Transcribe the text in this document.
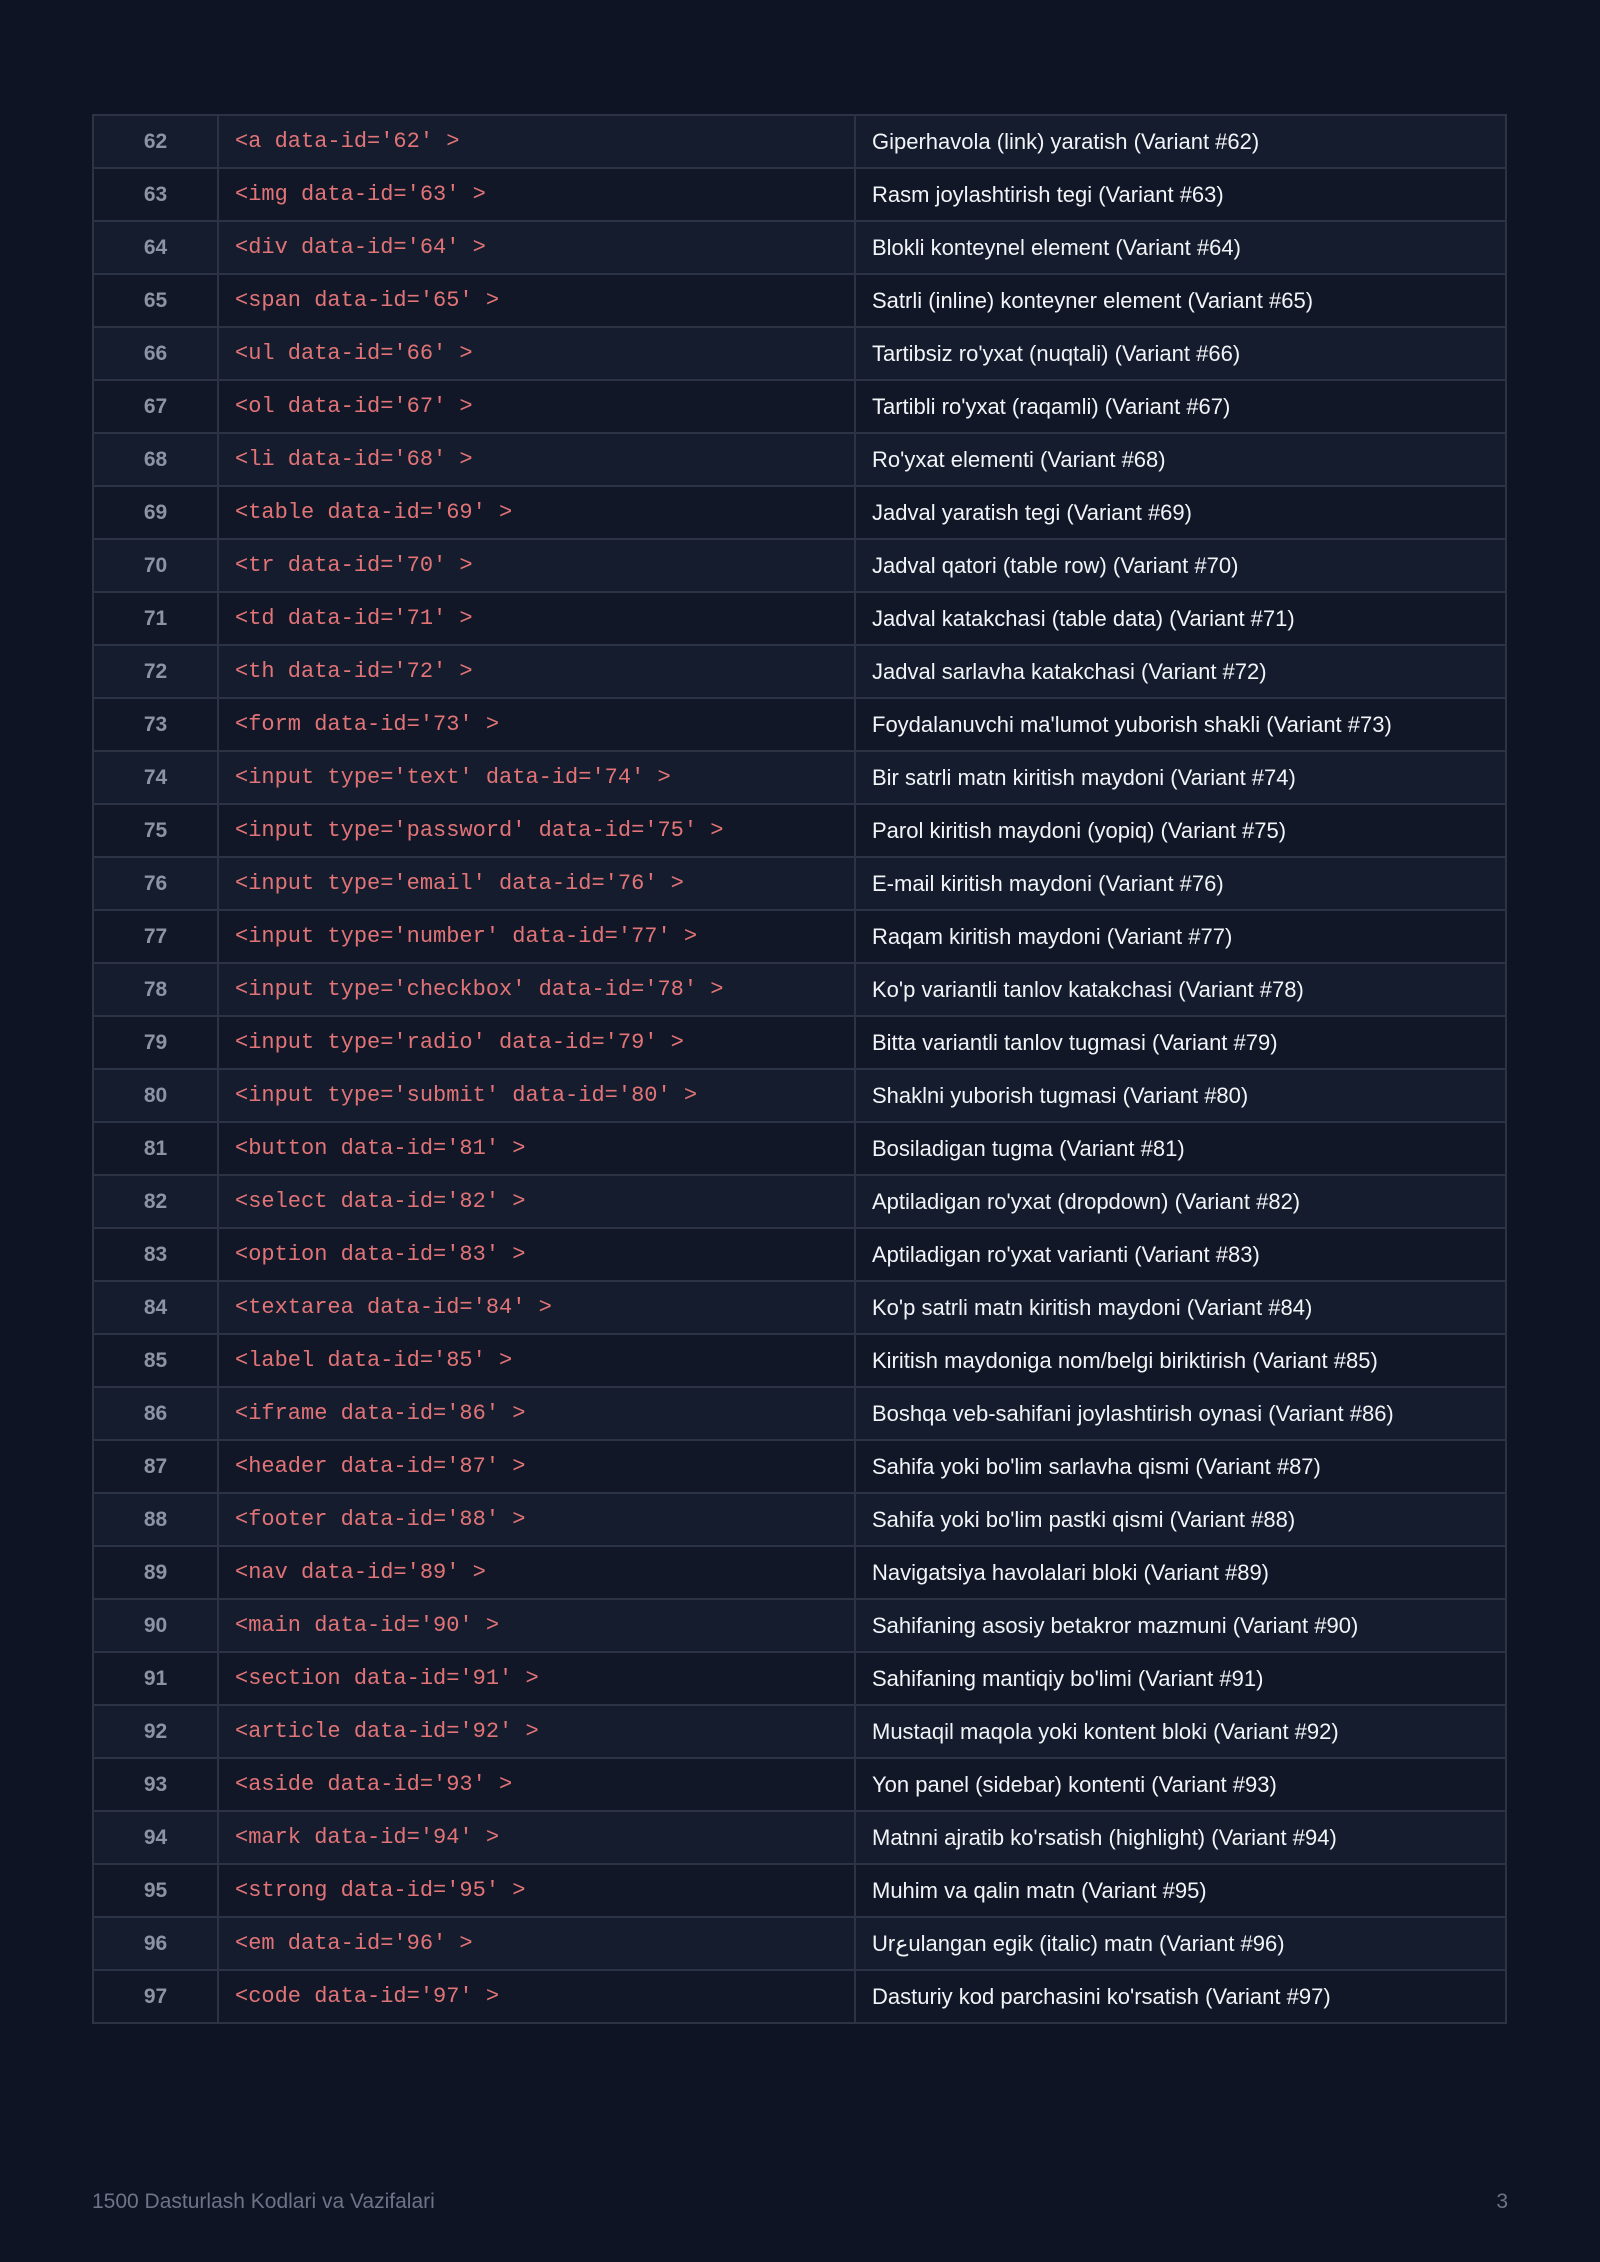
62	<a data-id='62' >	Giperhavola (link) yaratish (Variant #62)
63	<img data-id='63' >	Rasm joylashtirish tegi (Variant #63)
64	<div data-id='64' >	Blokli konteynel element (Variant #64)
65	<span data-id='65' >	Satrli (inline) konteyner element (Variant #65)
66	<ul data-id='66' >	Tartibsiz ro'yxat (nuqtali) (Variant #66)
67	<ol data-id='67' >	Tartibli ro'yxat (raqamli) (Variant #67)
68	<li data-id='68' >	Ro'yxat elementi (Variant #68)
69	<table data-id='69' >	Jadval yaratish tegi (Variant #69)
70	<tr data-id='70' >	Jadval qatori (table row) (Variant #70)
71	<td data-id='71' >	Jadval katakchasi (table data) (Variant #71)
72	<th data-id='72' >	Jadval sarlavha katakchasi (Variant #72)
73	<form data-id='73' >	Foydalanuvchi ma'lumot yuborish shakli (Variant #73)
74	<input type='text' data-id='74' >	Bir satrli matn kiritish maydoni (Variant #74)
75	<input type='password' data-id='75' >	Parol kiritish maydoni (yopiq) (Variant #75)
76	<input type='email' data-id='76' >	E-mail kiritish maydoni (Variant #76)
77	<input type='number' data-id='77' >	Raqam kiritish maydoni (Variant #77)
78	<input type='checkbox' data-id='78' >	Ko'p variantli tanlov katakchasi (Variant #78)
79	<input type='radio' data-id='79' >	Bitta variantli tanlov tugmasi (Variant #79)
80	<input type='submit' data-id='80' >	Shaklni yuborish tugmasi (Variant #80)
81	<button data-id='81' >	Bosiladigan tugma (Variant #81)
82	<select data-id='82' >	Aptiladigan ro'yxat (dropdown) (Variant #82)
83	<option data-id='83' >	Aptiladigan ro'yxat varianti (Variant #83)
84	<textarea data-id='84' >	Ko'p satrli matn kiritish maydoni (Variant #84)
85	<label data-id='85' >	Kiritish maydoniga nom/belgi biriktirish (Variant #85)
86	<iframe data-id='86' >	Boshqa veb-sahifani joylashtirish oynasi (Variant #86)
87	<header data-id='87' >	Sahifa yoki bo'lim sarlavha qismi (Variant #87)
88	<footer data-id='88' >	Sahifa yoki bo'lim pastki qismi (Variant #88)
89	<nav data-id='89' >	Navigatsiya havolalari bloki (Variant #89)
90	<main data-id='90' >	Sahifaning asosiy betakror mazmuni (Variant #90)
91	<section data-id='91' >	Sahifaning mantiqiy bo'limi (Variant #91)
92	<article data-id='92' >	Mustaqil maqola yoki kontent bloki (Variant #92)
93	<aside data-id='93' >	Yon panel (sidebar) kontenti (Variant #93)
94	<mark data-id='94' >	Matnni ajratib ko'rsatish (highlight) (Variant #94)
95	<strong data-id='95' >	Muhim va qalin matn (Variant #95)
96	<em data-id='96' >	Urعulangan egik (italic) matn (Variant #96)
97	<code data-id='97' >	Dasturiy kod parchasini ko'rsatish (Variant #97)
1500 Dasturlash Kodlari va Vazifalari	3
